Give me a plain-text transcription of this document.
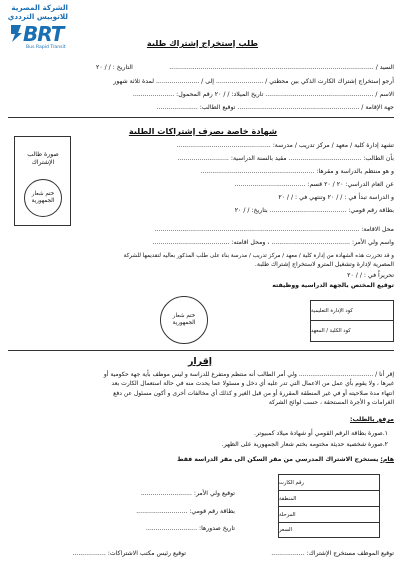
الشركة المصرية
للاتوبيس الترددي
BRT
Bus Rapid Transit	طلب إستخراج إشتراك طلبة
التاريخ : / / ٢٠	السيد / ........................................................................................................
أرجو إستخراج إشتراك الكارت الذكي بين محطتي / ........................ إلى / ...................... لمدة ثلاثة شهور
الاسم / ....................................................... تاريخ الميلاد: / / ٢٠ رقم المحمول: .....................
جهة الإقامة / .............................................................. توقيع الطالب: .....................
شهادة خاصة بصرف إشتراكات الطلبة
صورة طالب الإشتراك
ختم شعار الجمهورية
تشهد إدارة كلية / معهد / مركز تدريب / مدرسة: ................................................
بأن الطالب: ..................................... مقيد بالسنة الدراسية: ..........................
و هو منتظم بالدراسة و مقرها: ..........................................................
عن العام الدراسي: ٢٠ / ٢٠ قسم: ....................................
و الدراسة تبدأ في : / / ٢٠ وتنتهي في : / / ٢٠
بطاقة رقم قومي: ....................................... بتاريخ: / / ٢٠
محل الاقامة: ........................................................................................................
واسم ولي الأمر: ........................................ ، ومحل اقامته: .......................................
و قد تحررت هذه الشهادة من إدارة كلية / معهد / مركز تدريب / مدرسة بناء على طلب المذكور بعاليه لتقديمها للشركة
المصرية لإدارة وتشغيل المترو لاستخراج إشتراك طلبة.
تحريراً في : / / ٢٠
توقيع المختص بالجهة الدراسية ووظيفته
ختم شعار الجمهورية
كود الإدارة التعليمية
كود الكلية / المعهد
إقرار
إقر أنا / ....................................... ولي أمر الطالب أنه منتظم ومتفرغ للدراسة و ليس موظف بأية جهة حكومية أو
غيرها ، ولا يقوم بأي عمل من الاعمال التي تدر عليه أي دخل و مسئولا عما يحدث منه في حالة استعمال الكارت بعد
انتهاء مدة صلاحيته أو في غير المنطقة المقررة أو من قبل الغير و كذلك أي مخالفات أخرى و أكون مسئول عن دفع
الغرامات و الأجرة المستحقة ، حسب لوائح الشركة
مرفق بالطلب:
١.صورة بطاقة الرقم القومي أو شهادة ميلاد كمبيوتر.
٢.صورة شخصية حديثة مختومه بختم شعار الجمهورية على الظهر.
هام: يستخرج الاشتراك المدرسي من مقر السكن الى مقر الدراسة فقط
رقم الكارت
المنطقة
المرحلة
السعر
توقيع ولي الأمر: ..........................
بطاقة رقم قومي: ..........................
تاريخ صدورها: ..........................
توقيع رئيس مكتب الاشتراكات: .................	توقيع الموظف مستخرج الإشتراك: .................
